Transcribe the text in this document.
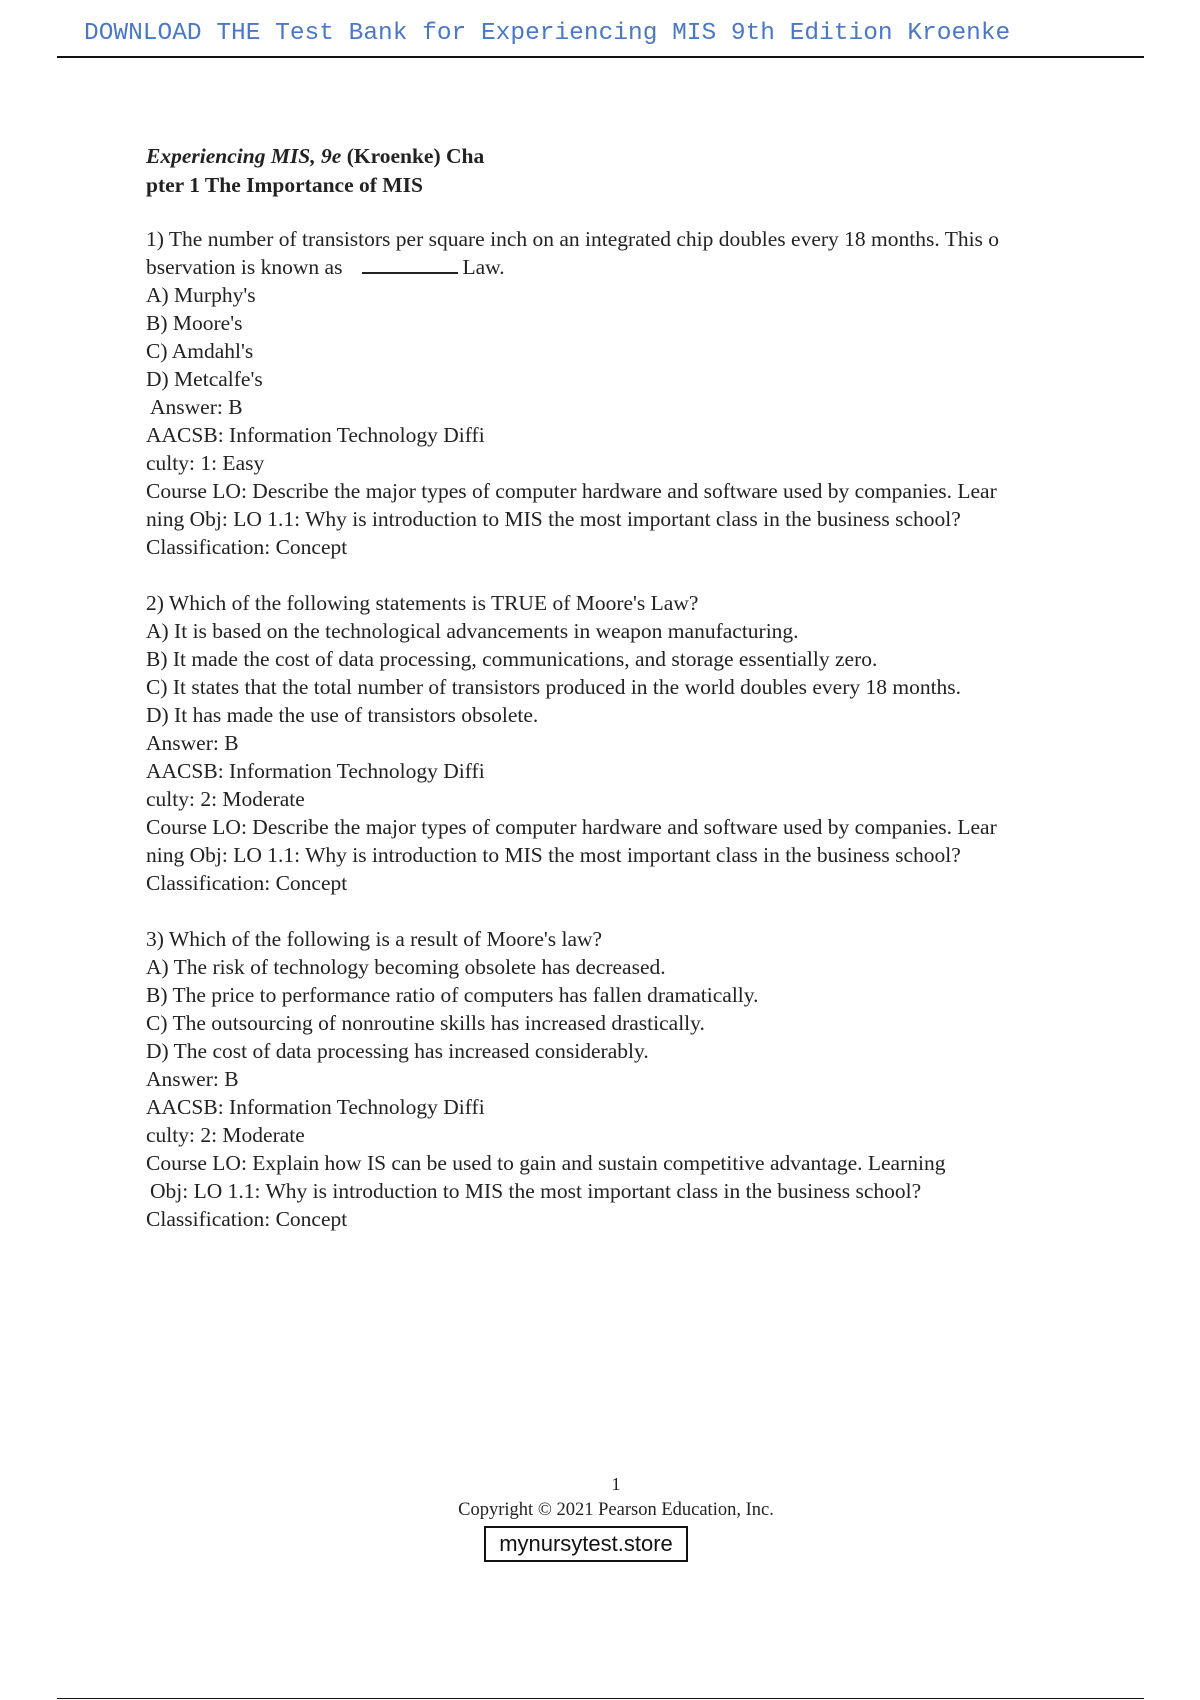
DOWNLOAD THE Test Bank for Experiencing MIS 9th Edition Kroenke
Experiencing MIS, 9e (Kroenke) Cha
pter 1 The Importance of MIS
1) The number of transistors per square inch on an integrated chip doubles every 18 months. This o
bservation is known as	Law.
A) Murphy's
B) Moore's
C) Amdahl's
D) Metcalfe's
Answer: B
AACSB: Information Technology Diffi
culty: 1: Easy
Course LO: Describe the major types of computer hardware and software used by companies. Lear
ning Obj: LO 1.1: Why is introduction to MIS the most important class in the business school?
Classification: Concept
2) Which of the following statements is TRUE of Moore's Law?
A) It is based on the technological advancements in weapon manufacturing.
B) It made the cost of data processing, communications, and storage essentially zero.
C) It states that the total number of transistors produced in the world doubles every 18 months.
D) It has made the use of transistors obsolete.
Answer: B
AACSB: Information Technology Diffi
culty: 2: Moderate
Course LO: Describe the major types of computer hardware and software used by companies. Lear
ning Obj: LO 1.1: Why is introduction to MIS the most important class in the business school?
Classification: Concept
3) Which of the following is a result of Moore's law?
A) The risk of technology becoming obsolete has decreased.
B) The price to performance ratio of computers has fallen dramatically.
C) The outsourcing of nonroutine skills has increased drastically.
D) The cost of data processing has increased considerably.
Answer: B
AACSB: Information Technology Diffi
culty: 2: Moderate
Course LO: Explain how IS can be used to gain and sustain competitive advantage. Learning
Obj: LO 1.1: Why is introduction to MIS the most important class in the business school?
Classification: Concept
1
Copyright © 2021 Pearson Education, Inc.
mynursytest.store
